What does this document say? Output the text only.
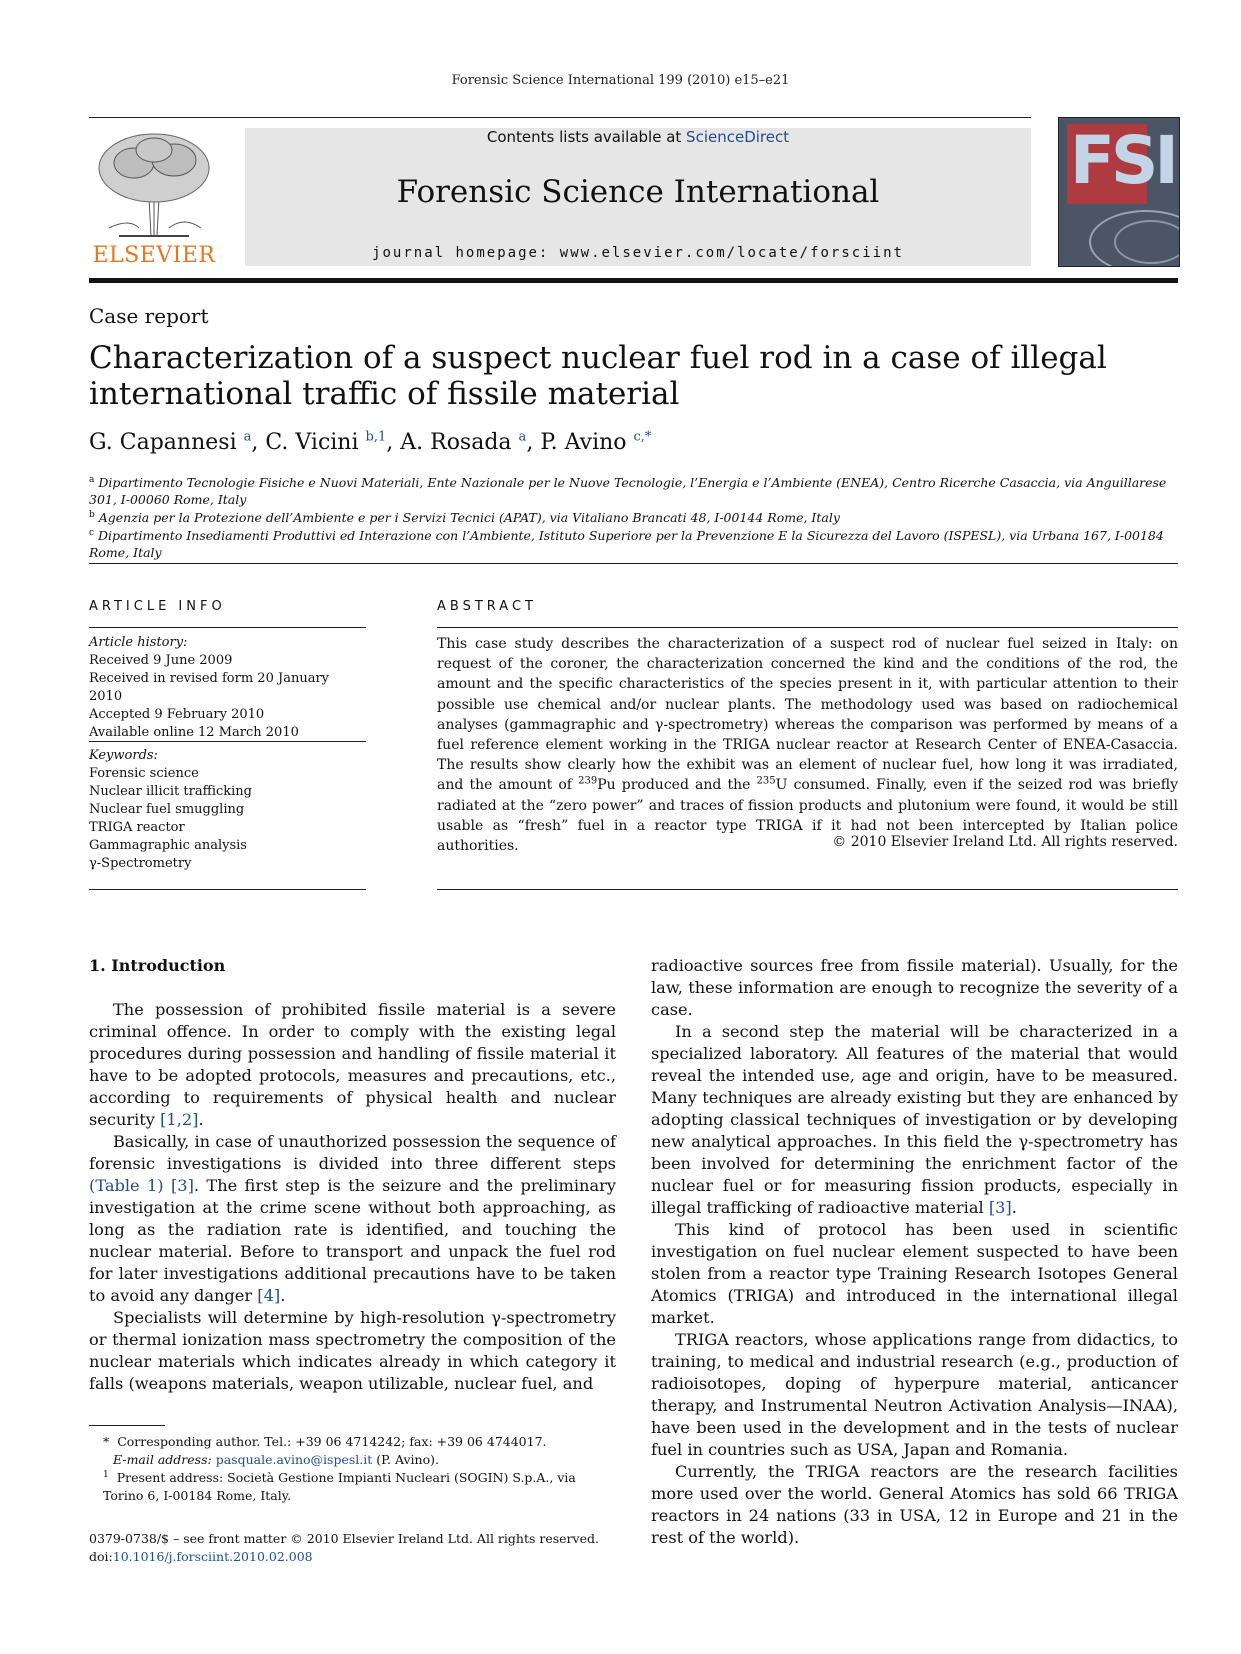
Forensic Science International 199 (2010) e15–e21
ELSEVIER
Contents lists available at ScienceDirect
Forensic Science International
journal homepage: www.elsevier.com/locate/forsciint
FSI
Case report
Characterization of a suspect nuclear fuel rod in a case of illegal international traffic of fissile material
G. Capannesi $^a$, C. Vicini $^{b,1}$, A. Rosada $^a$, P. Avino $^{c,*}$
$^a$ Dipartimento Tecnologie Fisiche e Nuovi Materiali, Ente Nazionale per le Nuove Tecnologie, l’Energia e l’Ambiente (ENEA), Centro Ricerche Casaccia, via Anguillarese 301, I-00060 Rome, Italy
$^b$ Agenzia per la Protezione dell’Ambiente e per i Servizi Tecnici (APAT), via Vitaliano Brancati 48, I-00144 Rome, Italy
$^c$ Dipartimento Insediamenti Produttivi ed Interazione con l’Ambiente, Istituto Superiore per la Prevenzione E la Sicurezza del Lavoro (ISPESL), via Urbana 167, I-00184 Rome, Italy
ARTICLE INFO
Article history:
Received 9 June 2009
Received in revised form 20 January 2010
Accepted 9 February 2010
Available online 12 March 2010
Keywords:
Forensic science
Nuclear illicit trafficking
Nuclear fuel smuggling
TRIGA reactor
Gammagraphic analysis
γ-Spectrometry
ABSTRACT
This case study describes the characterization of a suspect rod of nuclear fuel seized in Italy: on request of the coroner, the characterization concerned the kind and the conditions of the rod, the amount and the specific characteristics of the species present in it, with particular attention to their possible use chemical and/or nuclear plants. The methodology used was based on radiochemical analyses (gammagraphic and γ-spectrometry) whereas the comparison was performed by means of a fuel reference element working in the TRIGA nuclear reactor at Research Center of ENEA-Casaccia. The results show clearly how the exhibit was an element of nuclear fuel, how long it was irradiated, and the amount of $^{239}$Pu produced and the $^{235}$U consumed. Finally, even if the seized rod was briefly radiated at the “zero power” and traces of fission products and plutonium were found, it would be still usable as “fresh” fuel in a reactor type TRIGA if it had not been intercepted by Italian police authorities.	© 2010 Elsevier Ireland Ltd. All rights reserved.

1. Introduction

The possession of prohibited fissile material is a severe criminal offence. In order to comply with the existing legal procedures during possession and handling of fissile material it have to be adopted protocols, measures and precautions, etc., according to requirements of physical health and nuclear security [1,2].

Basically, in case of unauthorized possession the sequence of forensic investigations is divided into three different steps (Table 1) [3]. The first step is the seizure and the preliminary investigation at the crime scene without both approaching, as long as the radiation rate is identified, and touching the nuclear material. Before to transport and unpack the fuel rod for later investigations additional precautions have to be taken to avoid any danger [4].

Specialists will determine by high-resolution γ-spectrometry or thermal ionization mass spectrometry the composition of the nuclear materials which indicates already in which category it falls (weapons materials, weapon utilizable, nuclear fuel, and

radioactive sources free from fissile material). Usually, for the law, these information are enough to recognize the severity of a case.

In a second step the material will be characterized in a specialized laboratory. All features of the material that would reveal the intended use, age and origin, have to be measured. Many techniques are already existing but they are enhanced by adopting classical techniques of investigation or by developing new analytical approaches. In this field the γ-spectrometry has been involved for determining the enrichment factor of the nuclear fuel or for measuring fission products, especially in illegal trafficking of radioactive material [3].

This kind of protocol has been used in scientific investigation on fuel nuclear element suspected to have been stolen from a reactor type Training Research Isotopes General Atomics (TRIGA) and introduced in the international illegal market.

TRIGA reactors, whose applications range from didactics, to training, to medical and industrial research (e.g., production of radioisotopes, doping of hyperpure material, anticancer therapy, and Instrumental Neutron Activation Analysis—INAA), have been used in the development and in the tests of nuclear fuel in countries such as USA, Japan and Romania.

Currently, the TRIGA reactors are the research facilities more used over the world. General Atomics has sold 66 TRIGA reactors in 24 nations (33 in USA, 12 in Europe and 21 in the rest of the world).

* Corresponding author. Tel.: +39 06 4714242; fax: +39 06 4744017.
E-mail address: pasquale.avino@ispesl.it (P. Avino).
$^1$ Present address: Società Gestione Impianti Nucleari (SOGIN) S.p.A., via Torino 6, I-00184 Rome, Italy.
0379-0738/$ – see front matter © 2010 Elsevier Ireland Ltd. All rights reserved.
doi:10.1016/j.forsciint.2010.02.008
